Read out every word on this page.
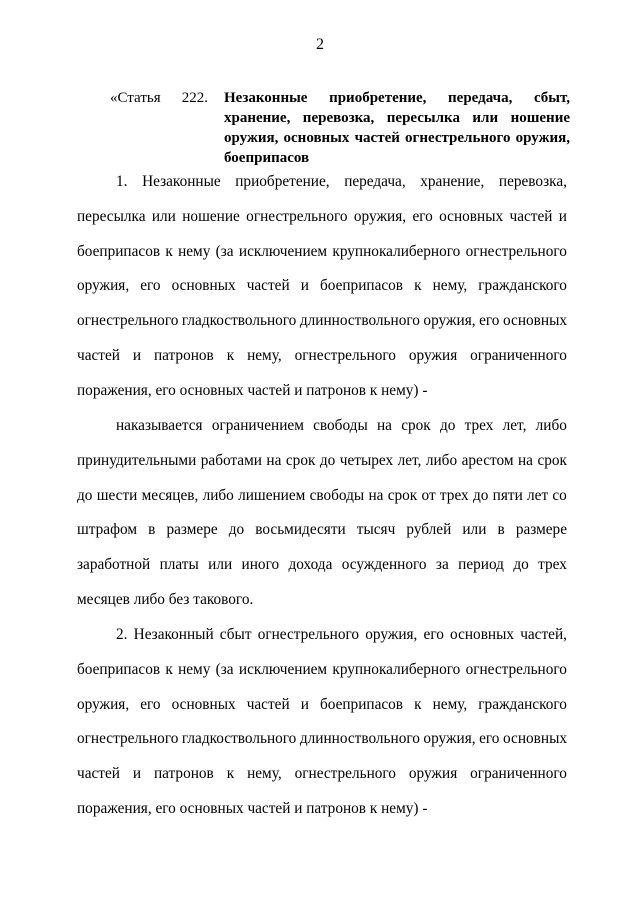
2
«Статья 222. Незаконные приобретение, передача, сбыт, хранение, перевозка, пересылка или ношение оружия, основных частей огнестрельного оружия, боеприпасов
1. Незаконные приобретение, передача, хранение, перевозка,
пересылка или ношение огнестрельного оружия, его основных частей и
боеприпасов к нему (за исключением крупнокалиберного огнестрельного
оружия, его основных частей и боеприпасов к нему, гражданского
огнестрельного гладкоствольного длинноствольного оружия, его основных
частей и патронов к нему, огнестрельного оружия ограниченного
поражения, его основных частей и патронов к нему) -
наказывается ограничением свободы на срок до трех лет, либо
принудительными работами на срок до четырех лет, либо арестом на срок
до шести месяцев, либо лишением свободы на срок от трех до пяти лет со
штрафом в размере до восьмидесяти тысяч рублей или в размере
заработной платы или иного дохода осужденного за период до трех
месяцев либо без такового.
2. Незаконный сбыт огнестрельного оружия, его основных частей,
боеприпасов к нему (за исключением крупнокалиберного огнестрельного
оружия, его основных частей и боеприпасов к нему, гражданского
огнестрельного гладкоствольного длинноствольного оружия, его основных
частей и патронов к нему, огнестрельного оружия ограниченного
поражения, его основных частей и патронов к нему) -
